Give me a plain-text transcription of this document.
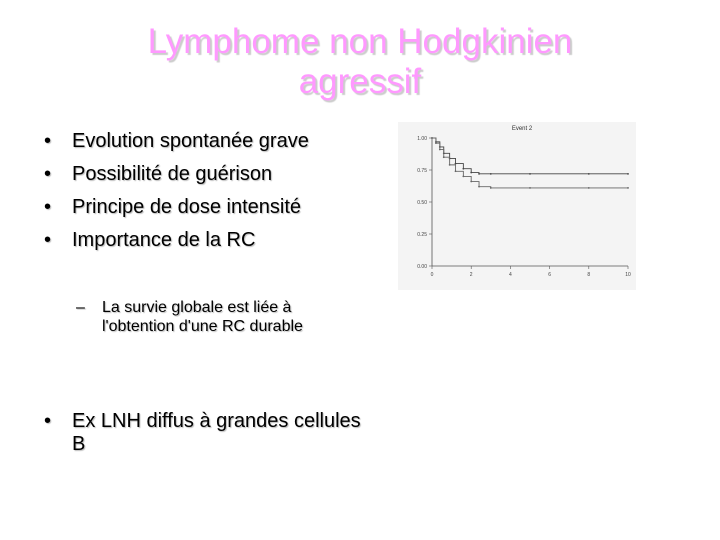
Lymphome non Hodgkinien
agressif
• Evolution spontanée grave
• Possibilité de guérison
• Principe de dose intensité
• Importance de la RC
– La survie globale est liée à l'obtention d'une RC durable
• Ex LNH diffus à grandes cellules B
Event 2
0	2	4	6	8	10
1.00
0.75
0.50
0.25
0.00
